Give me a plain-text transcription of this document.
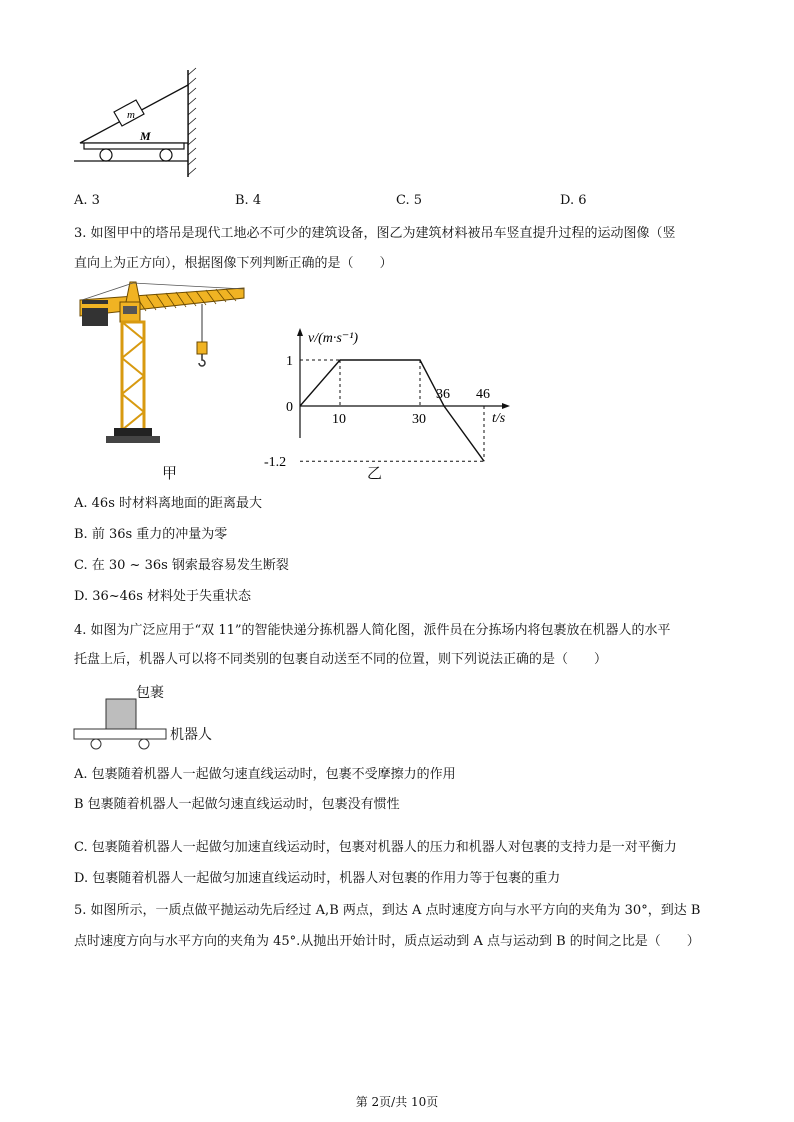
m
M
A. 3	B. 4	C. 5	D. 6
3. 如图甲中的塔吊是现代工地必不可少的建筑设备，图乙为建筑材料被吊车竖直提升过程的运动图像（竖
直向上为正方向），根据图像下列判断正确的是（　　）
甲
v/(m·s⁻¹)
t/s
1
0
-1.2
10	30
36 46
乙
A. 46s 时材料离地面的距离最大
B. 前 36s 重力的冲量为零
C. 在 30 ~ 36s 钢索最容易发生断裂
D. 36~46s 材料处于失重状态
4. 如图为广泛应用于“双 11”的智能快递分拣机器人简化图，派件员在分拣场内将包裹放在机器人的水平
托盘上后，机器人可以将不同类别的包裹自动送至不同的位置，则下列说法正确的是（　　）
包裹
机器人
A. 包裹随着机器人一起做匀速直线运动时，包裹不受摩擦力的作用
B 包裹随着机器人一起做匀速直线运动时，包裹没有惯性
C. 包裹随着机器人一起做匀加速直线运动时，包裹对机器人的压力和机器人对包裹的支持力是一对平衡力
D. 包裹随着机器人一起做匀加速直线运动时，机器人对包裹的作用力等于包裹的重力
5. 如图所示，一质点做平抛运动先后经过 A,B 两点，到达 A 点时速度方向与水平方向的夹角为 30°，到达 B
点时速度方向与水平方向的夹角为 45°.从抛出开始计时，质点运动到 A 点与运动到 B 的时间之比是（　　）
第 2页/共 10页
